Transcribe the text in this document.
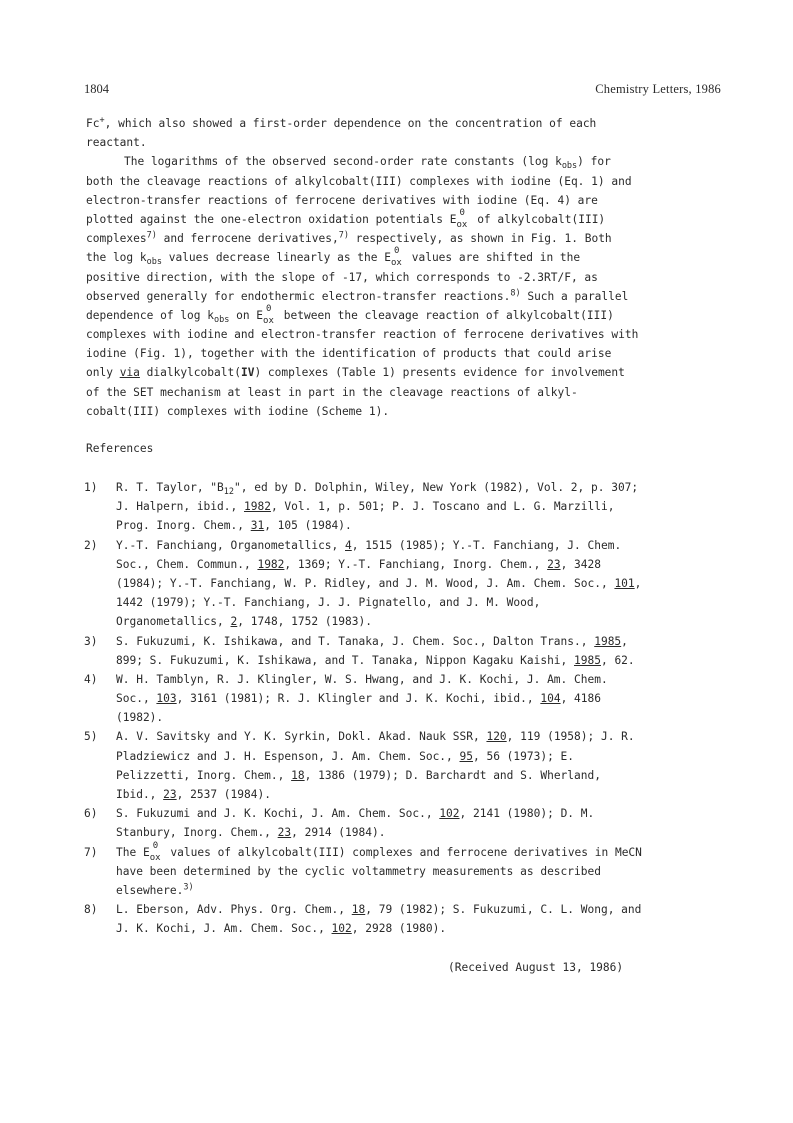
1804	Chemistry Letters, 1986
Fc+, which also showed a first-order dependence on the concentration of each
reactant.
The logarithms of the observed second-order rate constants (log $k_{obs}$) for
both the cleavage reactions of alkylcobalt(III) complexes with iodine (Eq. 1) and
electron-transfer reactions of ferrocene derivatives with iodine (Eq. 4) are
plotted against the one-electron oxidation potentials E 0
ox of alkylcobalt(III)
complexes$^{7)}$ and ferrocene derivatives,$^{7)}$ respectively, as shown in Fig. 1. Both
the $\log k_{obs}$ values decrease linearly as the E 0
ox values are shifted in the
positive direction, with the slope of -17, which corresponds to -2.3RT/F, as
observed generally for endothermic electron-transfer reactions.$^{8)}$ Such a parallel
dependence of $\log k_{obs}$ on E 0
ox between the cleavage reaction of alkylcobalt(III)
complexes with iodine and electron-transfer reaction of ferrocene derivatives with
iodine (Fig. 1), together with the identification of products that could arise
only via dialkylcobalt(IV) complexes (Table 1) presents evidence for involvement
of the SET mechanism at least in part in the cleavage reactions of alkyl-
cobalt(III) complexes with iodine (Scheme 1).
References
1) R. T. Taylor, "$B_{12}$", ed by D. Dolphin, Wiley, New York (1982), Vol. 2, p. 307;
J. Halpern, ibid., 1982, Vol. 1, p. 501; P. J. Toscano and L. G. Marzilli,
Prog. Inorg. Chem., 31, 105 (1984).
2) Y.-T. Fanchiang, Organometallics, 4, 1515 (1985); Y.-T. Fanchiang, J. Chem.
Soc., Chem. Commun., 1982, 1369; Y.-T. Fanchiang, Inorg. Chem., 23, 3428
(1984); Y.-T. Fanchiang, W. P. Ridley, and J. M. Wood, J. Am. Chem. Soc., 101,
1442 (1979); Y.-T. Fanchiang, J. J. Pignatello, and J. M. Wood,
Organometallics, 2, 1748, 1752 (1983).
3) S. Fukuzumi, K. Ishikawa, and T. Tanaka, J. Chem. Soc., Dalton Trans., 1985,
899; S. Fukuzumi, K. Ishikawa, and T. Tanaka, Nippon Kagaku Kaishi, 1985, 62.
4) W. H. Tamblyn, R. J. Klingler, W. S. Hwang, and J. K. Kochi, J. Am. Chem.
Soc., 103, 3161 (1981); R. J. Klingler and J. K. Kochi, ibid., 104, 4186
(1982).
5) A. V. Savitsky and Y. K. Syrkin, Dokl. Akad. Nauk SSR, 120, 119 (1958); J. R.
Pladziewicz and J. H. Espenson, J. Am. Chem. Soc., 95, 56 (1973); E.
Pelizzetti, Inorg. Chem., 18, 1386 (1979); D. Barchardt and S. Wherland,
Ibid., 23, 2537 (1984).
6) S. Fukuzumi and J. K. Kochi, J. Am. Chem. Soc., 102, 2141 (1980); D. M.
Stanbury, Inorg. Chem., 23, 2914 (1984).
7) The E 0
ox values of alkylcobalt(III) complexes and ferrocene derivatives in MeCN
have been determined by the cyclic voltammetry measurements as described
elsewhere.$^{3)}$
8) L. Eberson, Adv. Phys. Org. Chem., 18, 79 (1982); S. Fukuzumi, C. L. Wong, and
J. K. Kochi, J. Am. Chem. Soc., 102, 2928 (1980).
(Received August 13, 1986)
